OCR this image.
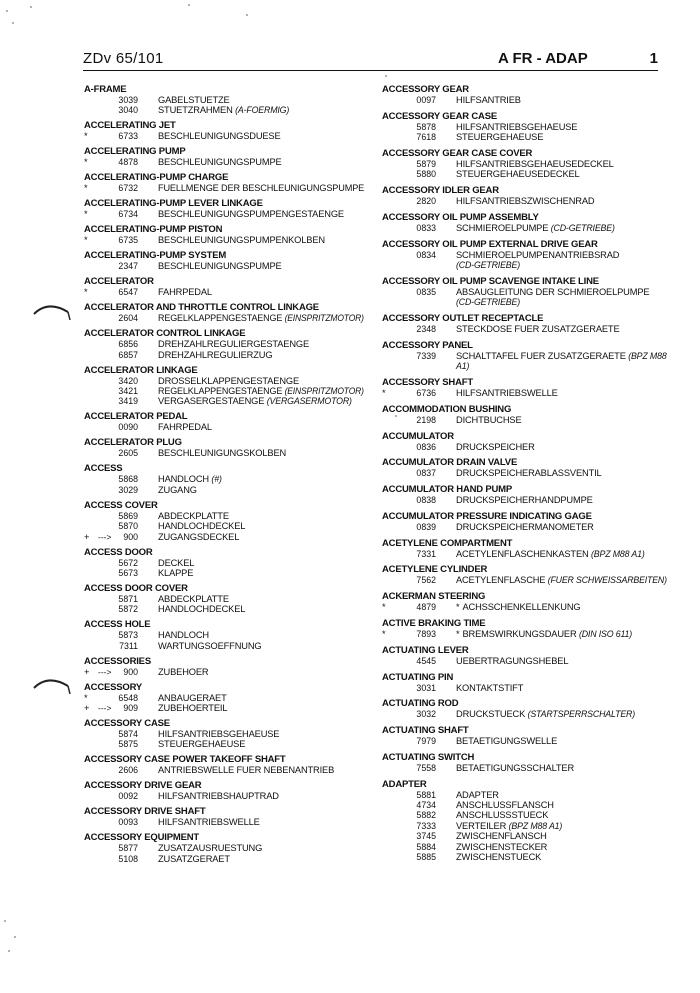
ZDv 65/101	A FR - ADAP	1
A-FRAME
3039 GABELSTUETZE
3040 STUETZRAHMEN (A-FOERMIG)
ACCELERATING JET
*	6733 BESCHLEUNIGUNGSDUESE
ACCELERATING PUMP
*	4878 BESCHLEUNIGUNGSPUMPE
ACCELERATING-PUMP CHARGE
*	6732 FUELLMENGE DER BESCHLEUNIGUNGSPUMPE
ACCELERATING-PUMP LEVER LINKAGE
*	6734 BESCHLEUNIGUNGSPUMPENGESTAENGE
ACCELERATING-PUMP PISTON
*	6735 BESCHLEUNIGUNGSPUMPENKOLBEN
ACCELERATING-PUMP SYSTEM
2347 BESCHLEUNIGUNGSPUMPE
ACCELERATOR
*	6547 FAHRPEDAL
ACCELERATOR AND THROTTLE CONTROL LINKAGE
2604 REGELKLAPPENGESTAENGE (EINSPRITZMOTOR)
ACCELERATOR CONTROL LINKAGE
6856 DREHZAHLREGULIERGESTAENGE
6857 DREHZAHLREGULIERZUG
ACCELERATOR LINKAGE
3420 DROSSELKLAPPENGESTAENGE
3421 REGELKLAPPENGESTAENGE (EINSPRITZMOTOR)
3419 VERGASERGESTAENGE (VERGASERMOTOR)
ACCELERATOR PEDAL
0090 FAHRPEDAL
ACCELERATOR PLUG
2605 BESCHLEUNIGUNGSKOLBEN
ACCESS
5868 HANDLOCH (#)
3029 ZUGANG
ACCESS COVER
5869 ABDECKPLATTE
5870 HANDLOCHDECKEL
+	--->	900 ZUGANGSDECKEL
ACCESS DOOR
5672 DECKEL
5673 KLAPPE
ACCESS DOOR COVER
5871 ABDECKPLATTE
5872 HANDLOCHDECKEL
ACCESS HOLE
5873 HANDLOCH
7311 WARTUNGSOEFFNUNG
ACCESSORIES
+	--->	900 ZUBEHOER
ACCESSORY
*	6548 ANBAUGERAET
+	--->	909 ZUBEHOERTEIL
ACCESSORY CASE
5874 HILFSANTRIEBSGEHAEUSE
5875 STEUERGEHAEUSE
ACCESSORY CASE POWER TAKEOFF SHAFT
2606 ANTRIEBSWELLE FUER NEBENANTRIEB
ACCESSORY DRIVE GEAR
0092 HILFSANTRIEBSHAUPTRAD
ACCESSORY DRIVE SHAFT
0093 HILFSANTRIEBSWELLE
ACCESSORY EQUIPMENT
5877 ZUSATZAUSRUESTUNG
5108 ZUSATZGERAET
ACCESSORY GEAR
0097 HILFSANTRIEB
ACCESSORY GEAR CASE
5878 HILFSANTRIEBSGEHAEUSE
7618 STEUERGEHAEUSE
ACCESSORY GEAR CASE COVER
5879 HILFSANTRIEBSGEHAEUSEDECKEL
5880 STEUERGEHAEUSEDECKEL
ACCESSORY IDLER GEAR
2820 HILFSANTRIEBSZWISCHENRAD
ACCESSORY OIL PUMP ASSEMBLY
0833 SCHMIEROELPUMPE (CD-GETRIEBE)
ACCESSORY OIL PUMP EXTERNAL DRIVE GEAR
0834 SCHMIEROELPUMPENANTRIEBSRAD
(CD-GETRIEBE)
ACCESSORY OIL PUMP SCAVENGE INTAKE LINE
0835 ABSAUGLEITUNG DER SCHMIEROELPUMPE
(CD-GETRIEBE)
ACCESSORY OUTLET RECEPTACLE
2348 STECKDOSE FUER ZUSATZGERAETE
ACCESSORY PANEL
7339 SCHALTTAFEL FUER ZUSATZGERAETE (BPZ M88
A1)
ACCESSORY SHAFT
*	6736 HILFSANTRIEBSWELLE
ACCOMMODATION BUSHING
2198 DICHTBUCHSE
ACCUMULATOR
0836 DRUCKSPEICHER
ACCUMULATOR DRAIN VALVE
0837 DRUCKSPEICHERABLASSVENTIL
ACCUMULATOR HAND PUMP
0838 DRUCKSPEICHERHANDPUMPE
ACCUMULATOR PRESSURE INDICATING GAGE
0839 DRUCKSPEICHERMANOMETER
ACETYLENE COMPARTMENT
7331 ACETYLENFLASCHENKASTEN (BPZ M88 A1)
ACETYLENE CYLINDER
7562 ACETYLENFLASCHE (FUER SCHWEISSARBEITEN)
ACKERMAN STEERING
*	4879 * ACHSSCHENKELLENKUNG
ACTIVE BRAKING TIME
*	7893 * BREMSWIRKUNGSDAUER (DIN ISO 611)
ACTUATING LEVER
4545 UEBERTRAGUNGSHEBEL
ACTUATING PIN
3031 KONTAKTSTIFT
ACTUATING ROD
3032 DRUCKSTUECK (STARTSPERRSCHALTER)
ACTUATING SHAFT
7979 BETAETIGUNGSWELLE
ACTUATING SWITCH
7558 BETAETIGUNGSSCHALTER
ADAPTER
5881 ADAPTER
4734 ANSCHLUSSFLANSCH
5882 ANSCHLUSSSTUECK
7333 VERTEILER (BPZ M88 A1)
3745 ZWISCHENFLANSCH
5884 ZWISCHENSTECKER
5885 ZWISCHENSTUECK
